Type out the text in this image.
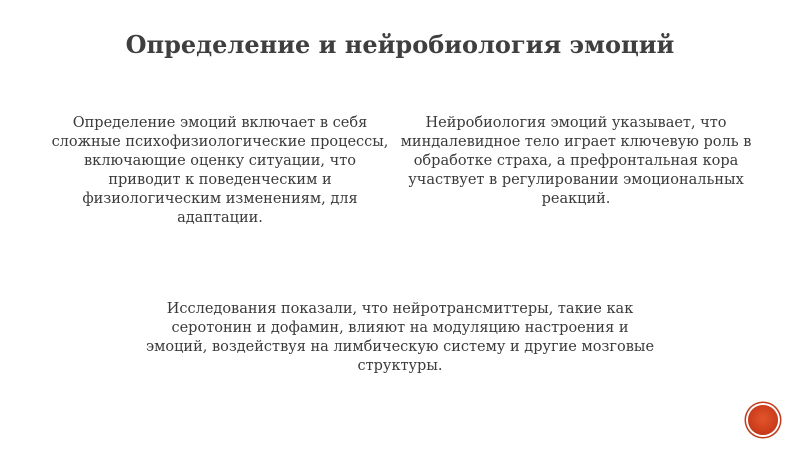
Определение и нейробиология эмоций

Определение эмоций включает в себя сложные психофизиологические процессы, включающие оценку ситуации, что приводит к поведенческим и физиологическим изменениям, для адаптации.

Нейробиология эмоций указывает, что миндалевидное тело играет ключевую роль в обработке страха, а префронтальная кора участвует в регулировании эмоциональных реакций.

Исследования показали, что нейротрансмиттеры, такие как серотонин и дофамин, влияют на модуляцию настроения и эмоций, воздействуя на лимбическую систему и другие мозговые структуры.
